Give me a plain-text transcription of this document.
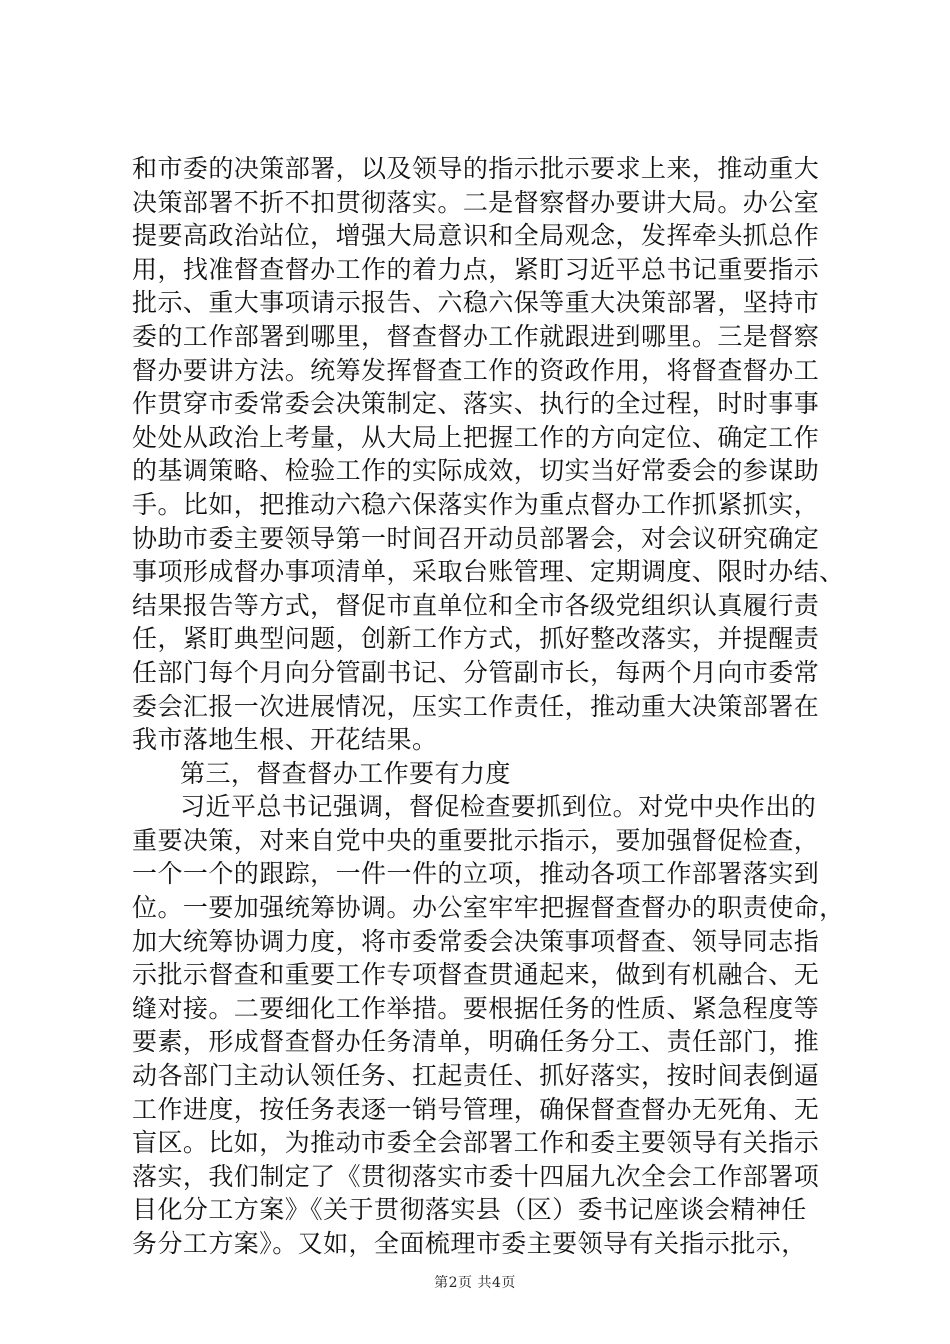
和市委的决策部署，以及领导的指示批示要求上来，推动重大
决策部署不折不扣贯彻落实。二是督察督办要讲大局。办公室
提要高政治站位，增强大局意识和全局观念，发挥牵头抓总作
用，找准督查督办工作的着力点，紧盯习近平总书记重要指示
批示、重大事项请示报告、六稳六保等重大决策部署，坚持市
委的工作部署到哪里，督查督办工作就跟进到哪里。三是督察
督办要讲方法。统筹发挥督查工作的资政作用，将督查督办工
作贯穿市委常委会决策制定、落实、执行的全过程，时时事事
处处从政治上考量，从大局上把握工作的方向定位、确定工作
的基调策略、检验工作的实际成效，切实当好常委会的参谋助
手。比如，把推动六稳六保落实作为重点督办工作抓紧抓实，
协助市委主要领导第一时间召开动员部署会，对会议研究确定
事项形成督办事项清单，采取台账管理、定期调度、限时办结、
结果报告等方式，督促市直单位和全市各级党组织认真履行责
任，紧盯典型问题，创新工作方式，抓好整改落实，并提醒责
任部门每个月向分管副书记、分管副市长，每两个月向市委常
委会汇报一次进展情况，压实工作责任，推动重大决策部署在
我市落地生根、开花结果。
第三，督查督办工作要有力度
习近平总书记强调，督促检查要抓到位。对党中央作出的
重要决策，对来自党中央的重要批示指示，要加强督促检查，
一个一个的跟踪，一件一件的立项，推动各项工作部署落实到
位。一要加强统筹协调。办公室牢牢把握督查督办的职责使命，
加大统筹协调力度，将市委常委会决策事项督查、领导同志指
示批示督查和重要工作专项督查贯通起来，做到有机融合、无
缝对接。二要细化工作举措。要根据任务的性质、紧急程度等
要素，形成督查督办任务清单，明确任务分工、责任部门，推
动各部门主动认领任务、扛起责任、抓好落实，按时间表倒逼
工作进度，按任务表逐一销号管理，确保督查督办无死角、无
盲区。比如，为推动市委全会部署工作和委主要领导有关指示
落实，我们制定了《贯彻落实市委十四届九次全会工作部署项
目化分工方案》《关于贯彻落实县（区）委书记座谈会精神任
务分工方案》。又如，全面梳理市委主要领导有关指示批示，
第2页 共4页
